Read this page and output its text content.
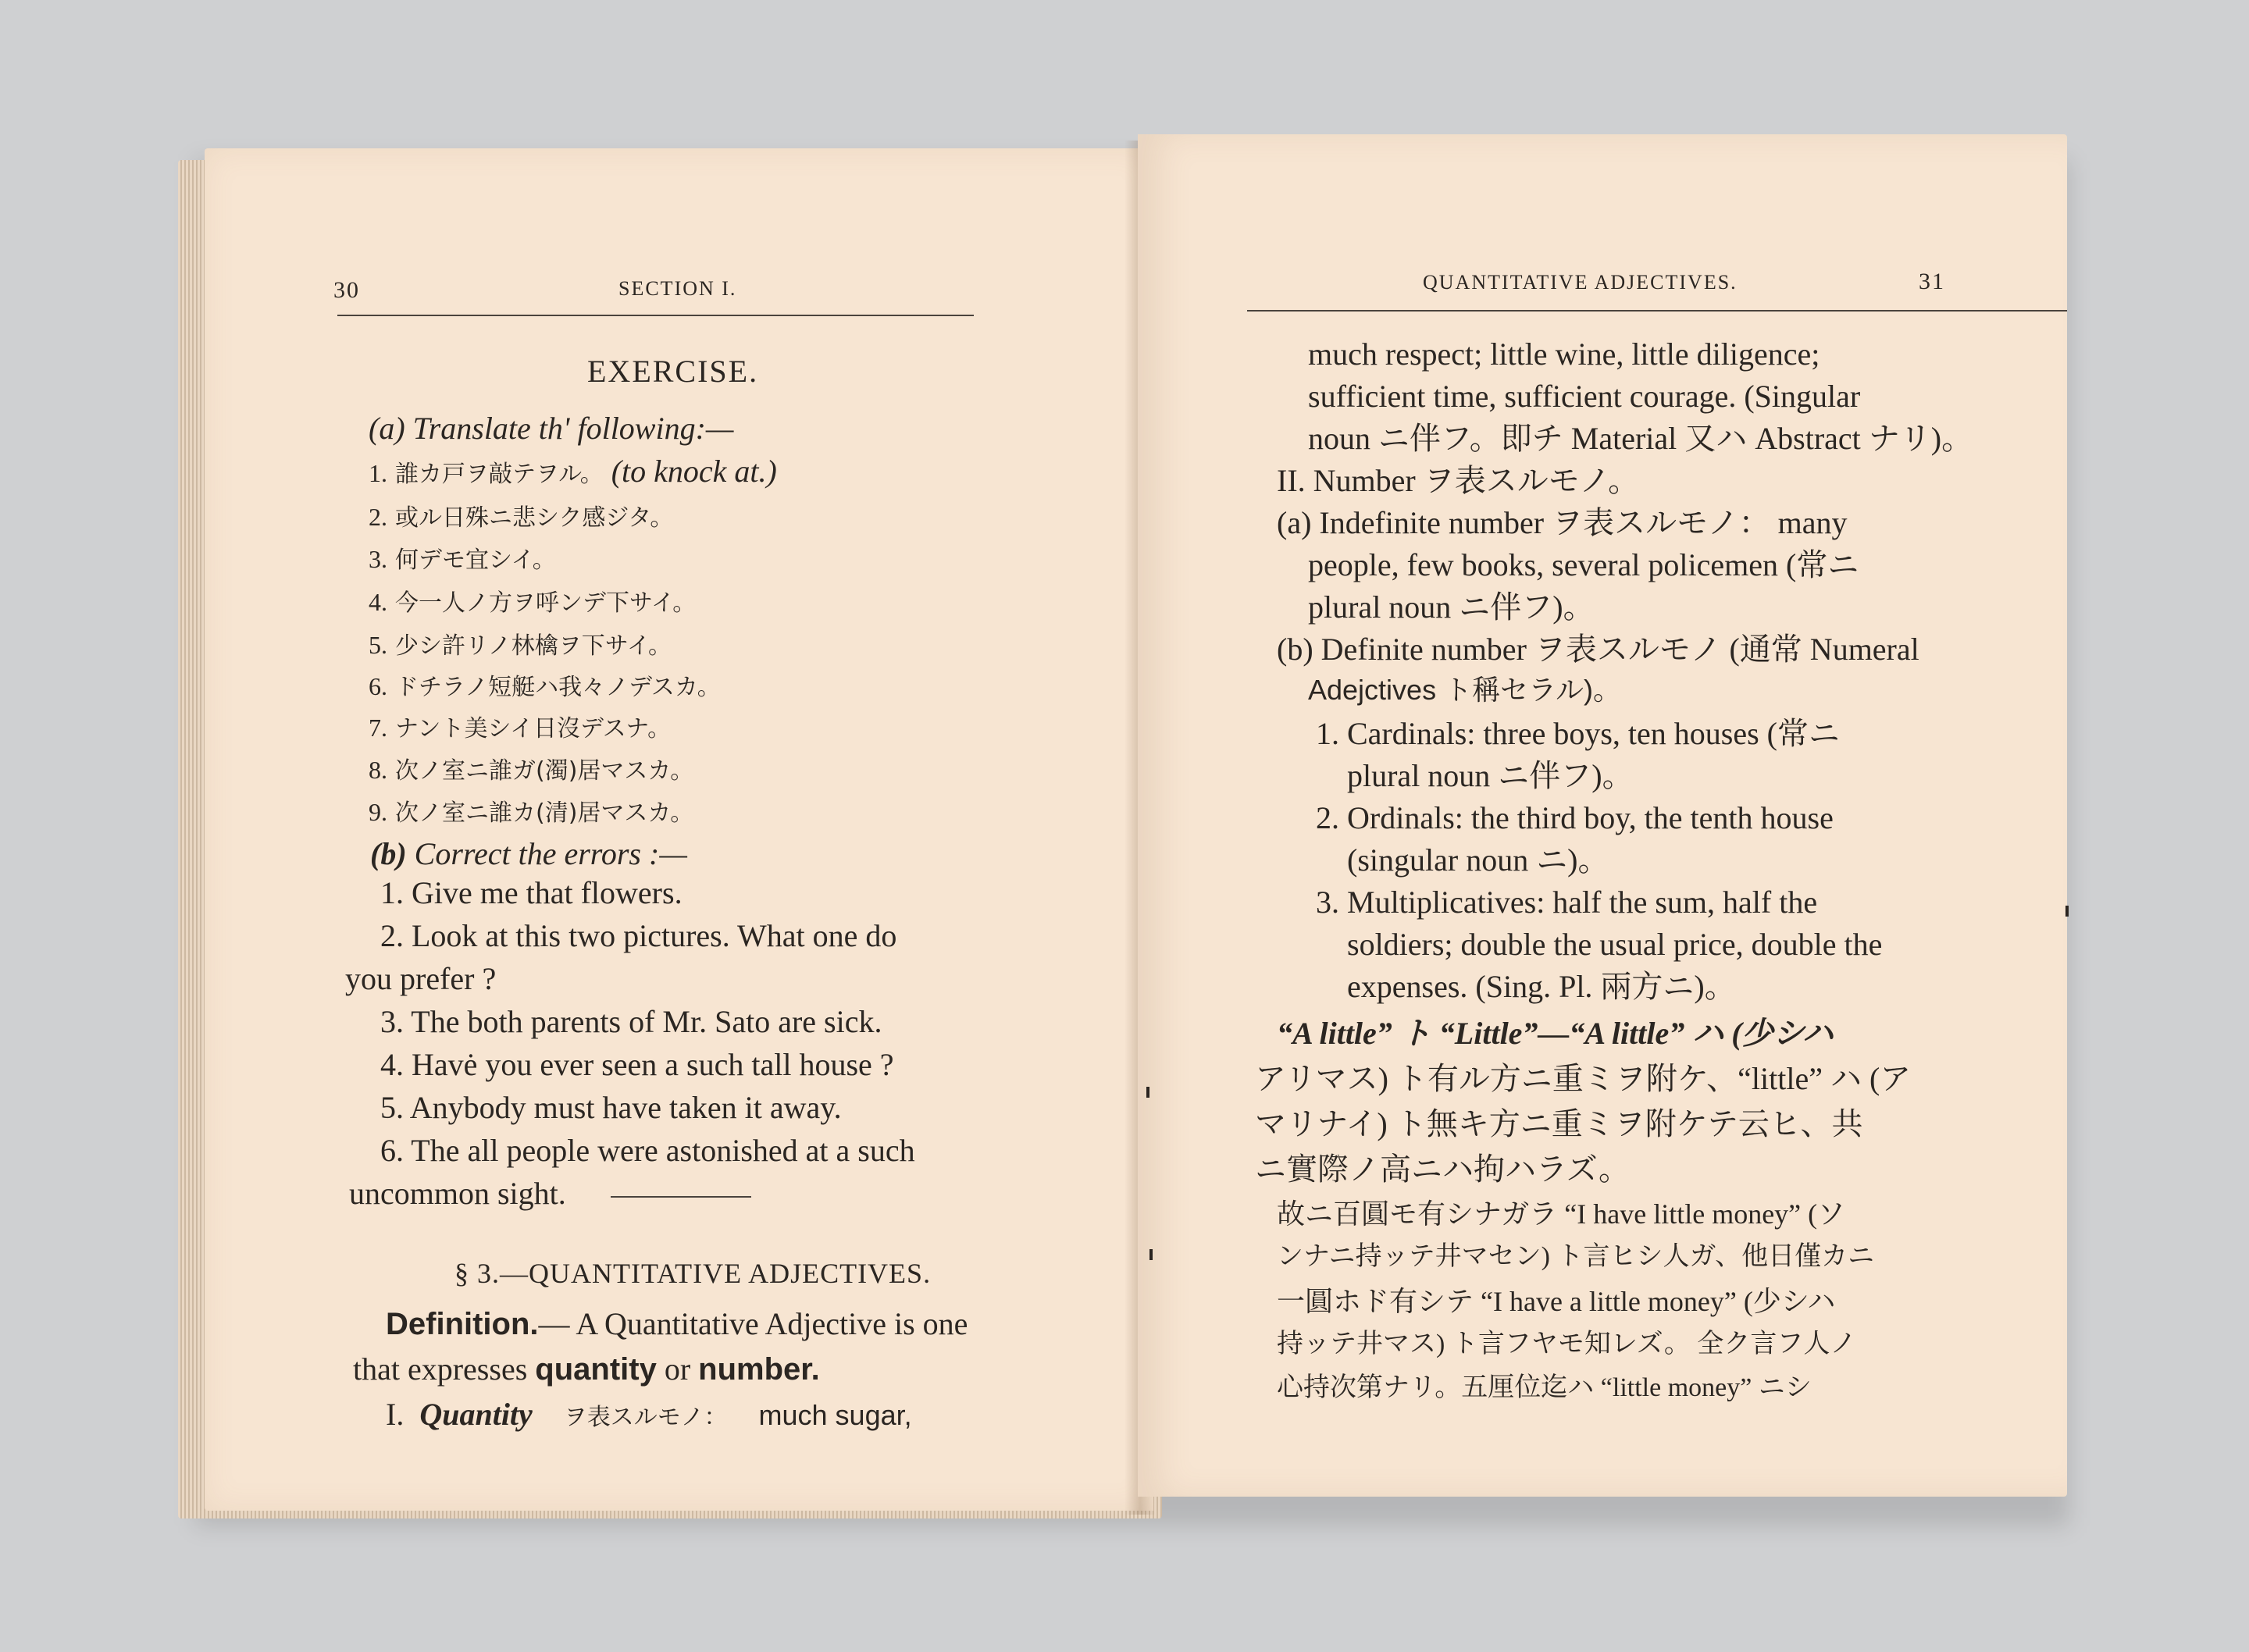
30	SECTION I.
EXERCISE.
(a) Translate th' following:—
1. 誰カ戸ヲ敲テヲル。 (to knock at.)
2. 或ル日殊ニ悲シク感ジタ。
3. 何デモ宜シイ。
4. 今一人ノ方ヲ呼ンデ下サイ。
5. 少シ許リノ林檎ヲ下サイ。
6. ドチラノ短艇ハ我々ノデスカ。
7. ナント美シイ日沒デスナ。
8. 次ノ室ニ誰ガ(濁)居マスカ。
9. 次ノ室ニ誰カ(清)居マスカ。
(b) Correct the errors :—
1. Give me that flowers.
2. Look at this two pictures. What one do
you prefer ?
3. The both parents of Mr. Sato are sick.
4. Havė you ever seen a such tall house ?
5. Anybody must have taken it away.
6. The all people were astonished at a such
uncommon sight.
§ 3.—QUANTITATIVE ADJECTIVES.
Definition.— A Quantitative Adjective is one
that expresses quantity or number.
I. Quantity ヲ表スルモノ： much sugar,
QUANTITATIVE ADJECTIVES.	31
much respect; little wine, little diligence;
sufficient time, sufficient courage. (Singular
noun ニ伴フ。即チ Material 又ハ Abstract ナリ)。
II. Number ヲ表スルモノ。
(a) Indefinite number ヲ表スルモノ： many
people, few books, several policemen (常ニ
plural noun ニ伴フ)。
(b) Definite number ヲ表スルモノ (通常 Numeral
Adejctives ト稱セラル)。
1. Cardinals: three boys, ten houses (常ニ
plural noun ニ伴フ)。
2. Ordinals: the third boy, the tenth house
(singular noun ニ)。
3. Multiplicatives: half the sum, half the
soldiers; double the usual price, double the
expenses. (Sing. Pl. 兩方ニ)。
“A little” ト “Little”—“A little” ハ (少シハ
アリマス) ト有ル方ニ重ミヲ附ケ、“little” ハ (ア
マリナイ) ト無キ方ニ重ミヲ附ケテ云ヒ、共
ニ實際ノ高ニハ拘ハラズ。
故ニ百圓モ有シナガラ “I have little money” (ソ
ンナニ持ッテ井マセン) ト言ヒシ人ガ、他日僅カニ
一圓ホド有シテ “I have a little money” (少シハ
持ッテ井マス) ト言フヤモ知レズ。 全ク言フ人ノ
心持次第ナリ。五厘位迄ハ “little money” ニシ
